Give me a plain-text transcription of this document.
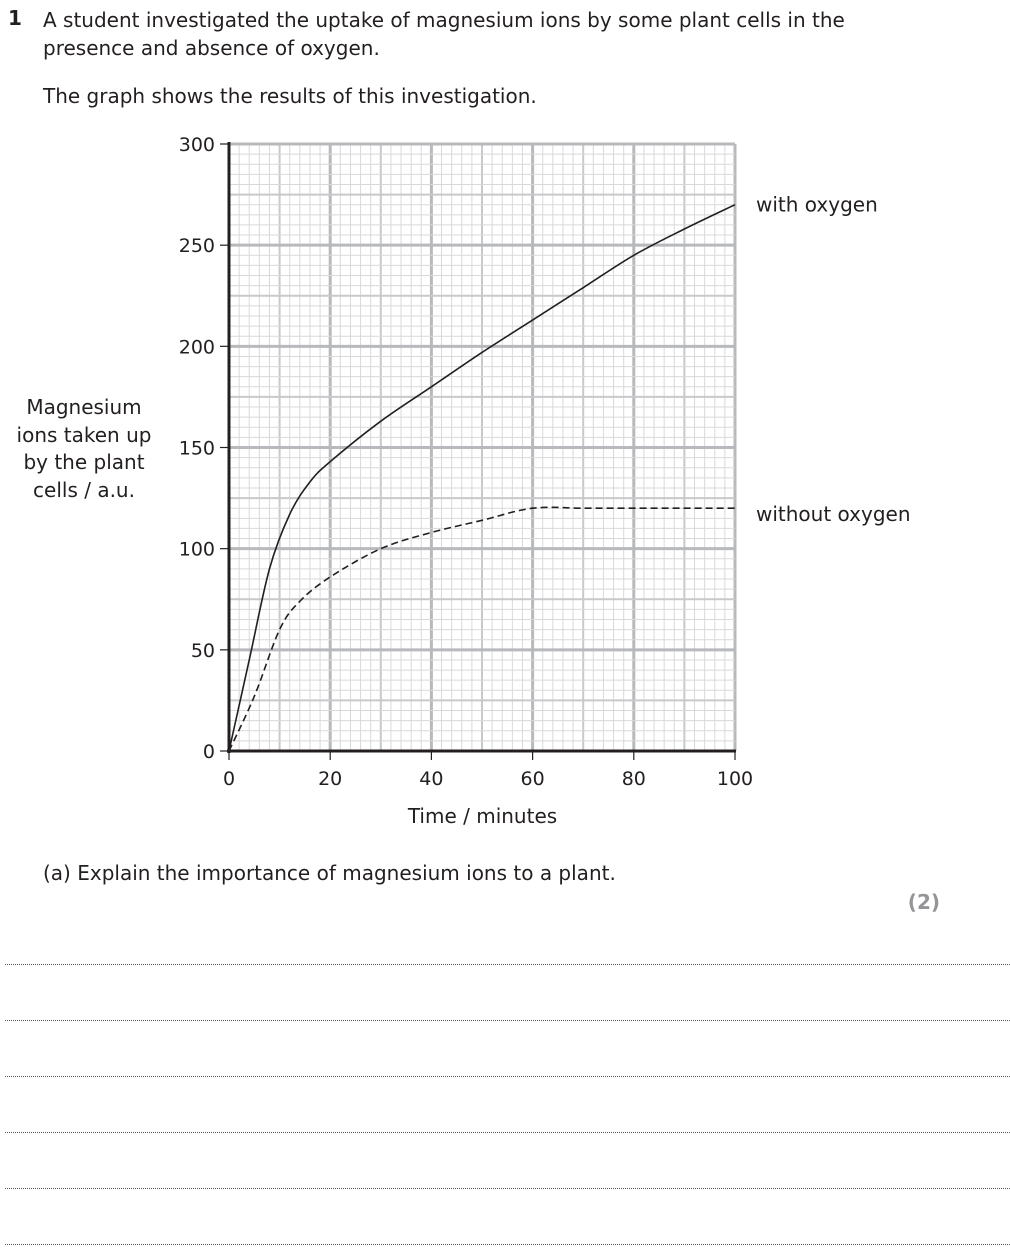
1 A student investigated the uptake of magnesium ions by some plant cells in the
presence and absence of oxygen.
The graph shows the results of this investigation.
Magnesium
ions taken up
by the plant
cells / a.u.
0
50
100
150
200
250
300
0	20	40	60	80	100
with oxygen
without oxygen
Time / minutes
(a) Explain the importance of magnesium ions to a plant.
(2)
